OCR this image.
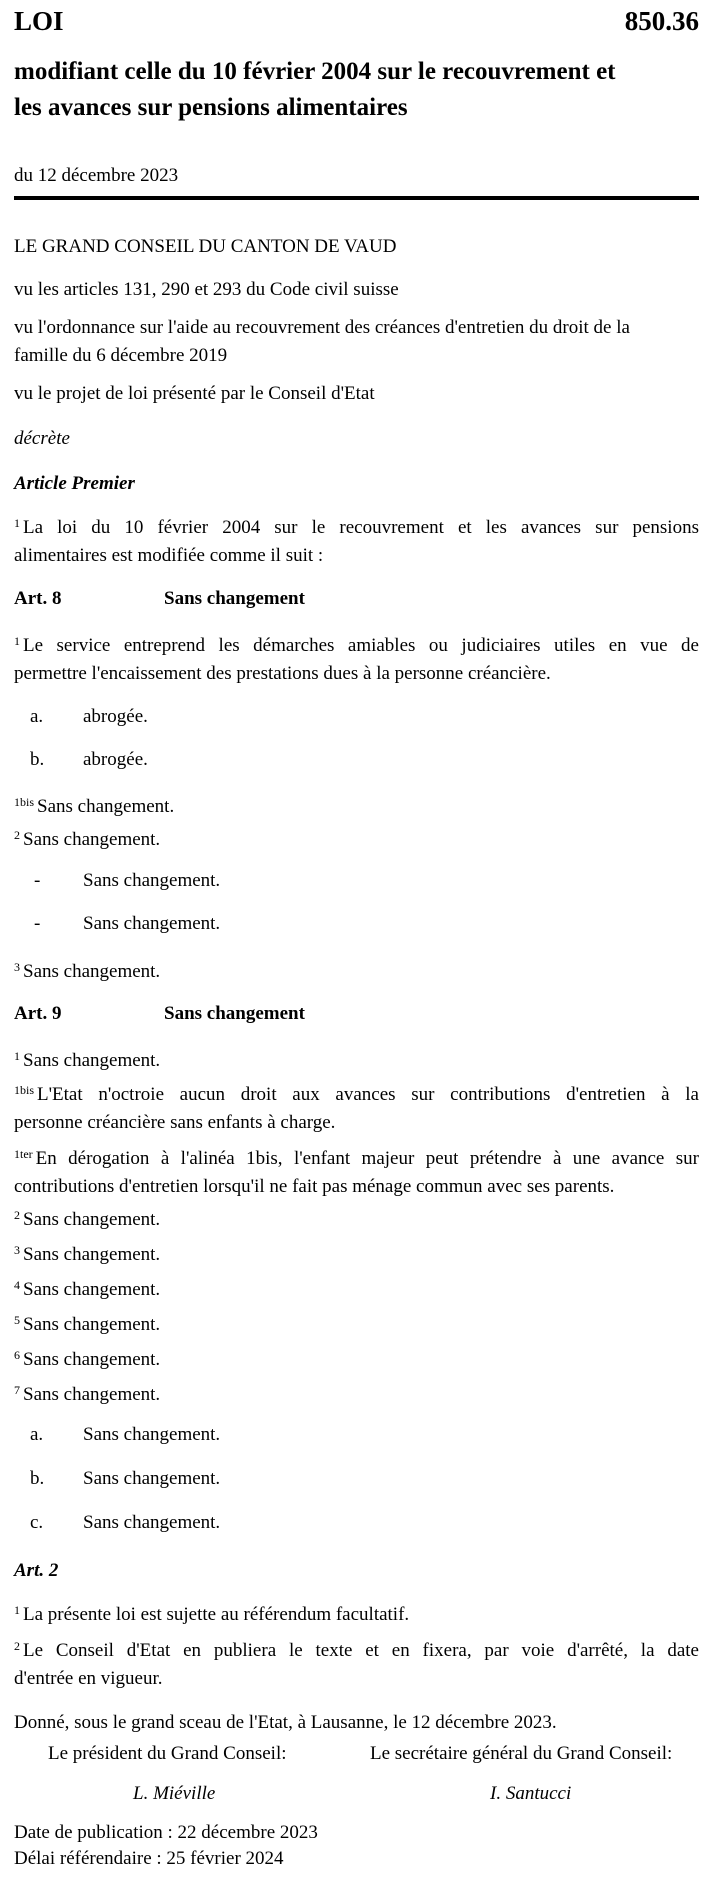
LOI	850.36
modifiant celle du 10 février 2004 sur le recouvrement et
les avances sur pensions alimentaires
du 12 décembre 2023
LE GRAND CONSEIL DU CANTON DE VAUD
vu les articles 131, 290 et 293 du Code civil suisse
vu l'ordonnance sur l'aide au recouvrement des créances d'entretien du droit de la
famille du 6 décembre 2019
vu le projet de loi présenté par le Conseil d'Etat
décrète
Article Premier
$^1$ La loi du 10 février 2004 sur le recouvrement et les avances sur pensions
alimentaires est modifiée comme il suit :
Art. 8	Sans changement
$^1$ Le service entreprend les démarches amiables ou judiciaires utiles en vue de
permettre l'encaissement des prestations dues à la personne créancière.
a. abrogée.
b. abrogée.
$^{1bis}$ Sans changement.
$^2$ Sans changement.
- Sans changement.
- Sans changement.
$^3$ Sans changement.
Art. 9	Sans changement
$^1$ Sans changement.
$^{1bis}$ L'Etat n'octroie aucun droit aux avances sur contributions d'entretien à la
personne créancière sans enfants à charge.
$^{1ter}$ En dérogation à l'alinéa 1bis, l'enfant majeur peut prétendre à une avance sur
contributions d'entretien lorsqu'il ne fait pas ménage commun avec ses parents.
$^2$ Sans changement.
$^3$ Sans changement.
$^4$ Sans changement.
$^5$ Sans changement.
$^6$ Sans changement.
$^7$ Sans changement.
a. Sans changement.
b. Sans changement.
c. Sans changement.
Art. 2
$^1$ La présente loi est sujette au référendum facultatif.
$^2$ Le Conseil d'Etat en publiera le texte et en fixera, par voie d'arrêté, la date
d'entrée en vigueur.
Donné, sous le grand sceau de l'Etat, à Lausanne, le 12 décembre 2023.
Le président du Grand Conseil:	Le secrétaire général du Grand Conseil:
L. Miéville	I. Santucci
Date de publication : 22 décembre 2023
Délai référendaire : 25 février 2024
